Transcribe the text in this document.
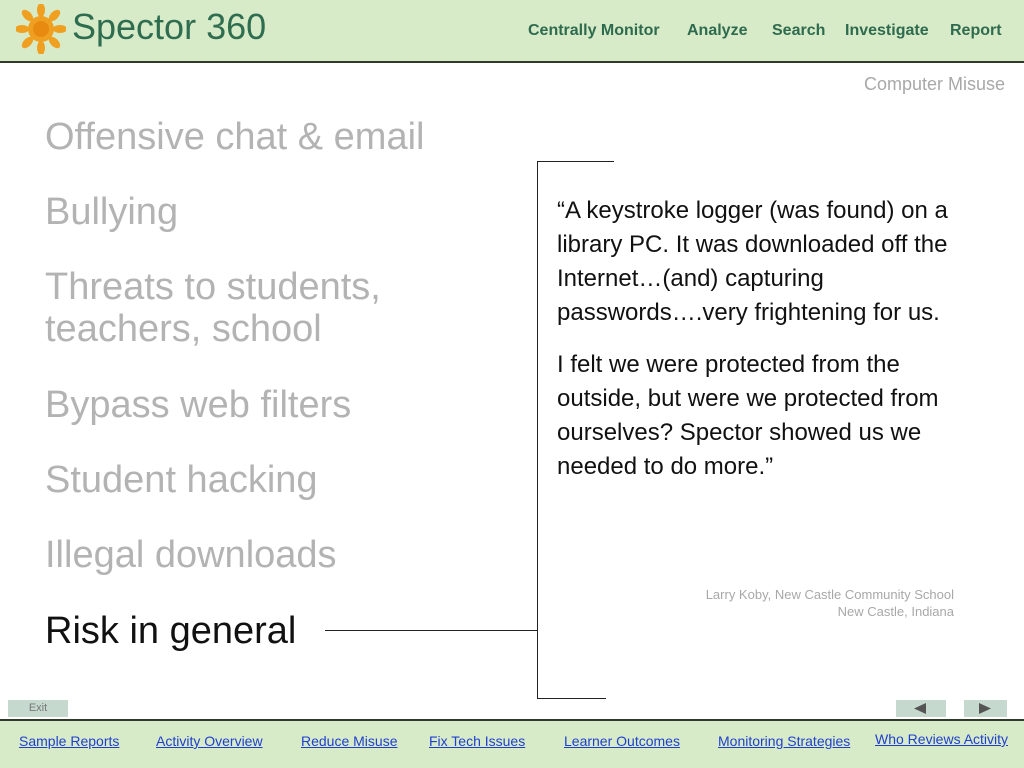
Spector 360	Centrally Monitor Analyze Search Investigate Report
Computer Misuse
Offensive chat & email
Bullying
Threats to students, teachers, school
Bypass web filters
Student hacking
Illegal downloads
Risk in general

“A keystroke logger (was found) on a library PC. It was downloaded off the Internet…(and) capturing passwords….very frightening for us.

I felt we were protected from the outside, but were we protected from ourselves? Spector showed us we needed to do more.”

Larry Koby, New Castle Community School
New Castle, Indiana
Exit
Sample Reports	Activity Overview	Reduce Misuse Fix Tech Issues	Learner Outcomes	Monitoring Strategies Who Reviews Activity
